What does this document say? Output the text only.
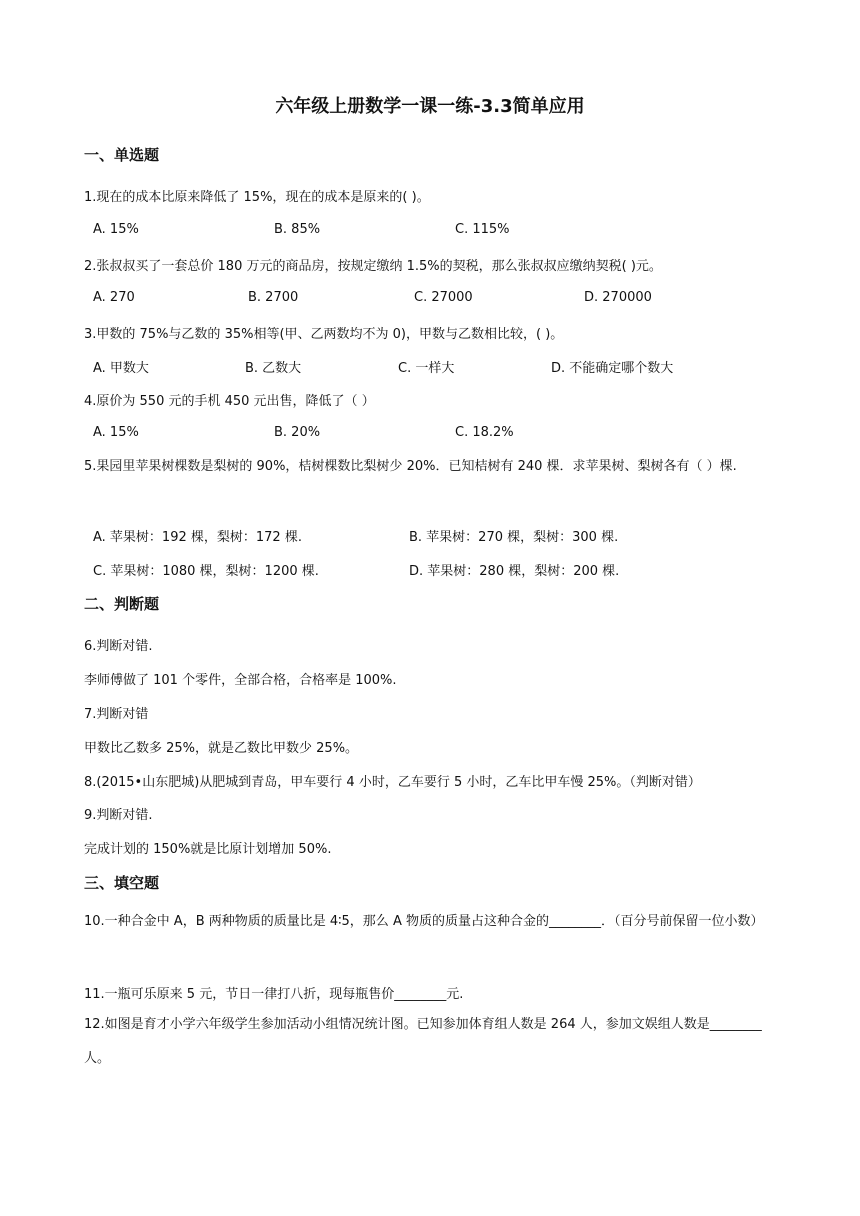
六年级上册数学一课一练-3.3简单应用
一、单选题

1.现在的成本比原来降低了 15%，现在的成本是原来的( )。

A. 15%	B. 85%	C. 115%

2.张叔叔买了一套总价 180 万元的商品房，按规定缴纳 1.5%的契税，那么张叔叔应缴纳契税( )元。

A. 270	B. 2700	C. 27000	D. 270000

3.甲数的 75%与乙数的 35%相等(甲、乙两数均不为 0)，甲数与乙数相比较，( )。

A. 甲数大	B. 乙数大	C. 一样大	D. 不能确定哪个数大

4.原价为 550 元的手机 450 元出售，降低了（ ）

A. 15%	B. 20%	C. 18.2%

5.果园里苹果树棵数是梨树的 90%，桔树棵数比梨树少 20%．已知桔树有 240 棵．求苹果树、梨树各有（ ）棵.

A. 苹果树：192 棵，梨树：172 棵.	B. 苹果树：270 棵，梨树：300 棵.

C. 苹果树：1080 棵，梨树：1200 棵.	D. 苹果树：280 棵，梨树：200 棵.

二、判断题

6.判断对错.

李师傅做了 101 个零件，全部合格，合格率是 100%.

7.判断对错

甲数比乙数多 25%，就是乙数比甲数少 25%。

8.(2015•山东肥城)从肥城到青岛，甲车要行 4 小时，乙车要行 5 小时，乙车比甲车慢 25%。（判断对错）

9.判断对错.

完成计划的 150%就是比原计划增加 50%.

三、填空题

10.一种合金中 A，B 两种物质的质量比是 4∶5，那么 A 物质的质量占这种合金的________．（百分号前保留一位小数）

11.一瓶可乐原来 5 元，节日一律打八折，现每瓶售价________元.

12.如图是育才小学六年级学生参加活动小组情况统计图。已知参加体育组人数是 264 人，参加文娱组人数是________人。
